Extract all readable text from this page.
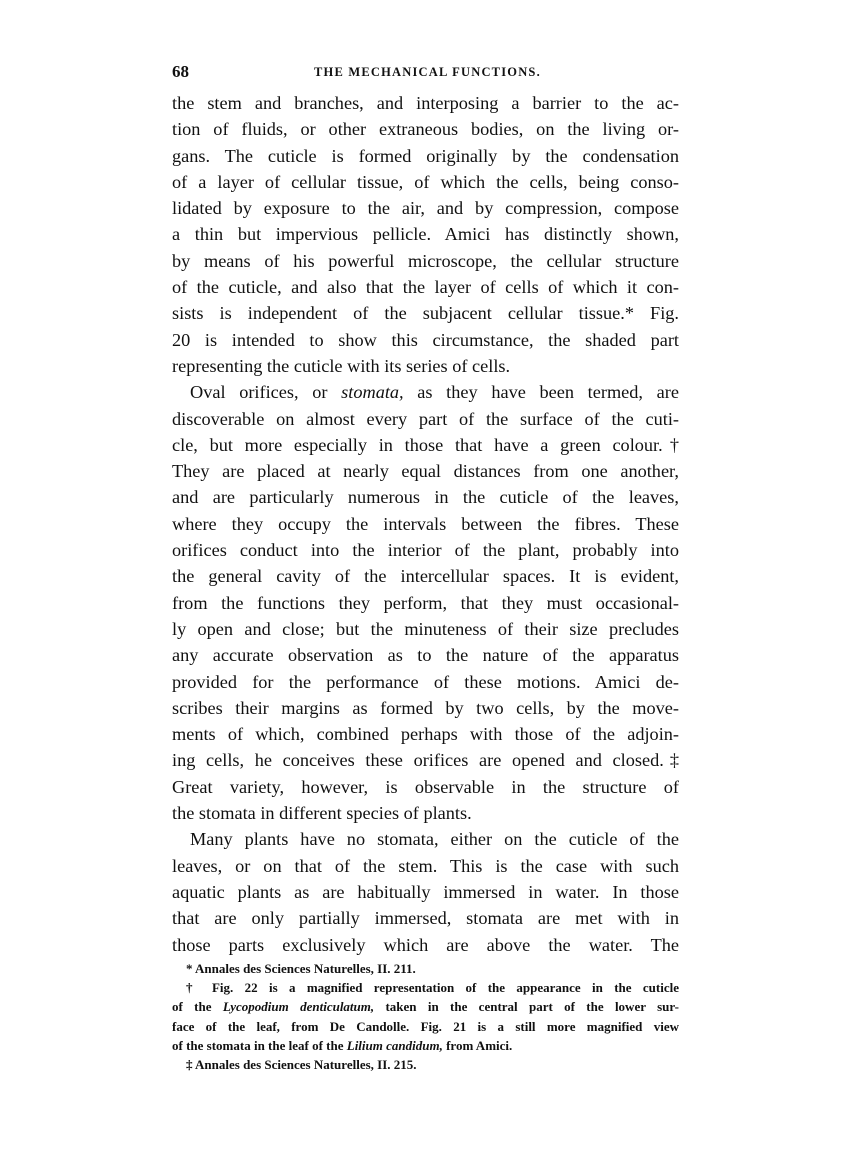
68	THE MECHANICAL FUNCTIONS.
the stem and branches, and interposing a barrier to the ac-
tion of fluids, or other extraneous bodies, on the living or-
gans. The cuticle is formed originally by the condensation
of a layer of cellular tissue, of which the cells, being conso-
lidated by exposure to the air, and by compression, compose
a thin but impervious pellicle. Amici has distinctly shown,
by means of his powerful microscope, the cellular structure
of the cuticle, and also that the layer of cells of which it con-
sists is independent of the subjacent cellular tissue.* Fig.
20 is intended to show this circumstance, the shaded part
representing the cuticle with its series of cells.
Oval orifices, or stomata, as they have been termed, are
discoverable on almost every part of the surface of the cuti-
cle, but more especially in those that have a green colour.†
They are placed at nearly equal distances from one another,
and are particularly numerous in the cuticle of the leaves,
where they occupy the intervals between the fibres. These
orifices conduct into the interior of the plant, probably into
the general cavity of the intercellular spaces. It is evident,
from the functions they perform, that they must occasional-
ly open and close; but the minuteness of their size precludes
any accurate observation as to the nature of the apparatus
provided for the performance of these motions. Amici de-
scribes their margins as formed by two cells, by the move-
ments of which, combined perhaps with those of the adjoin-
ing cells, he conceives these orifices are opened and closed.‡
Great variety, however, is observable in the structure of
the stomata in different species of plants.
Many plants have no stomata, either on the cuticle of the
leaves, or on that of the stem. This is the case with such
aquatic plants as are habitually immersed in water. In those
that are only partially immersed, stomata are met with in
those parts exclusively which are above the water. The
* Annales des Sciences Naturelles, II. 211.
† Fig. 22 is a magnified representation of the appearance in the cuticle
of the Lycopodium denticulatum, taken in the central part of the lower sur-
face of the leaf, from De Candolle. Fig. 21 is a still more magnified view
of the stomata in the leaf of the Lilium candidum, from Amici.
‡ Annales des Sciences Naturelles, II. 215.
